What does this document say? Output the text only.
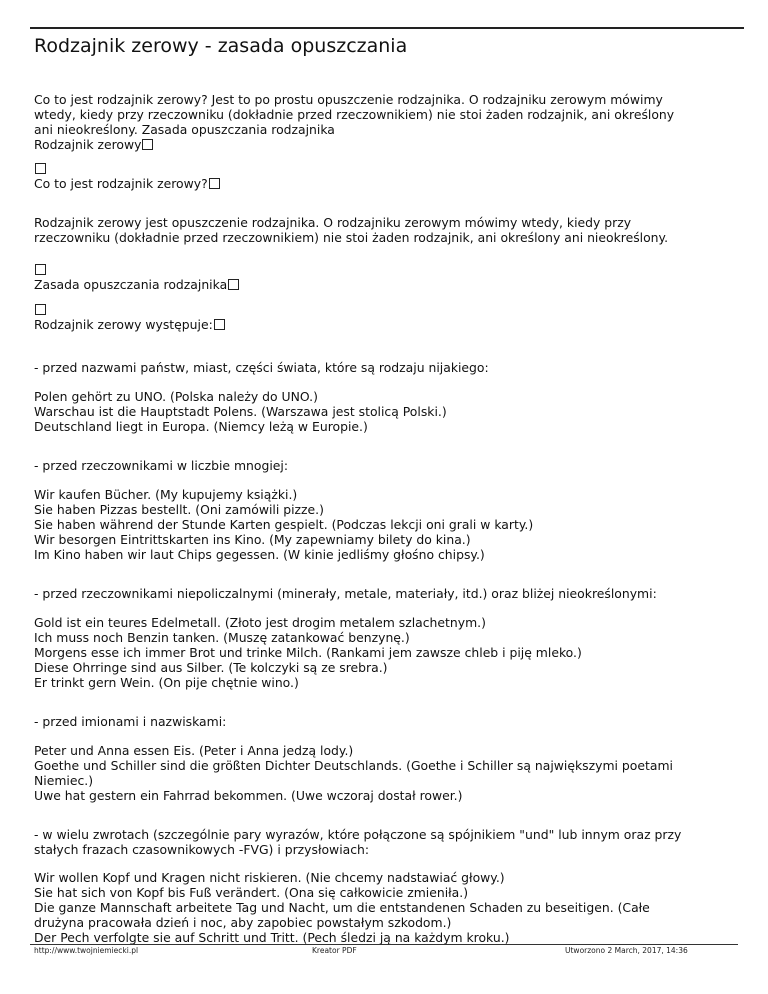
Rodzajnik zerowy - zasada opuszczania
Co to jest rodzajnik zerowy? Jest to po prostu opuszczenie rodzajnika. O rodzajniku zerowym mówimy
wtedy, kiedy przy rzeczowniku (dokładnie przed rzeczownikiem) nie stoi żaden rodzajnik, ani określony
ani nieokreślony. Zasada opuszczania rodzajnika
Rodzajnik zerowy
Co to jest rodzajnik zerowy?
Rodzajnik zerowy jest opuszczenie rodzajnika. O rodzajniku zerowym mówimy wtedy, kiedy przy
rzeczowniku (dokładnie przed rzeczownikiem) nie stoi żaden rodzajnik, ani określony ani nieokreślony.
Zasada opuszczania rodzajnika
Rodzajnik zerowy występuje:
- przed nazwami państw, miast, części świata, które są rodzaju nijakiego:
Polen gehört zu UNO. (Polska należy do UNO.)
Warschau ist die Hauptstadt Polens. (Warszawa jest stolicą Polski.)
Deutschland liegt in Europa. (Niemcy leżą w Europie.)
- przed rzeczownikami w liczbie mnogiej:
Wir kaufen Bücher. (My kupujemy książki.)
Sie haben Pizzas bestellt. (Oni zamówili pizze.)
Sie haben während der Stunde Karten gespielt. (Podczas lekcji oni grali w karty.)
Wir besorgen Eintrittskarten ins Kino. (My zapewniamy bilety do kina.)
Im Kino haben wir laut Chips gegessen. (W kinie jedliśmy głośno chipsy.)
- przed rzeczownikami niepoliczalnymi (minerały, metale, materiały, itd.) oraz bliżej nieokreślonymi:
Gold ist ein teures Edelmetall. (Złoto jest drogim metalem szlachetnym.)
Ich muss noch Benzin tanken. (Muszę zatankować benzynę.)
Morgens esse ich immer Brot und trinke Milch. (Rankami jem zawsze chleb i piję mleko.)
Diese Ohrringe sind aus Silber. (Te kolczyki są ze srebra.)
Er trinkt gern Wein. (On pije chętnie wino.)
- przed imionami i nazwiskami:
Peter und Anna essen Eis. (Peter i Anna jedzą lody.)
Goethe und Schiller sind die größten Dichter Deutschlands. (Goethe i Schiller są największymi poetami
Niemiec.)
Uwe hat gestern ein Fahrrad bekommen. (Uwe wczoraj dostał rower.)
- w wielu zwrotach (szczególnie pary wyrazów, które połączone są spójnikiem "und" lub innym oraz przy
stałych frazach czasownikowych -FVG) i przysłowiach:
Wir wollen Kopf und Kragen nicht riskieren. (Nie chcemy nadstawiać głowy.)
Sie hat sich von Kopf bis Fuß verändert. (Ona się całkowicie zmieniła.)
Die ganze Mannschaft arbeitete Tag und Nacht, um die entstandenen Schaden zu beseitigen. (Całe
drużyna pracowała dzień i noc, aby zapobiec powstałym szkodom.)
Der Pech verfolgte sie auf Schritt und Tritt. (Pech śledzi ją na każdym kroku.)
http://www.twojniemiecki.pl	Kreator PDF	Utworzono 2 March, 2017, 14:36
